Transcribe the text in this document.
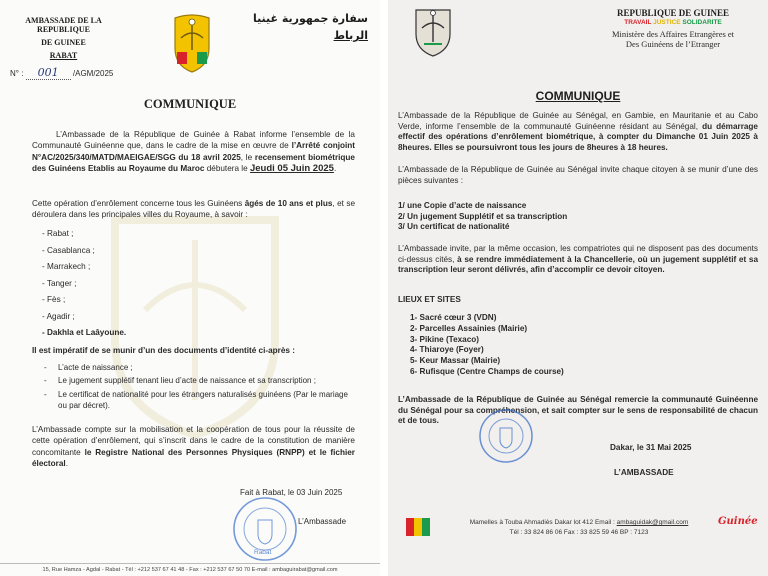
AMBASSADE DE LA REPUBLIQUE
DE GUINEE
RABAT
سفارة جمهورية غينيا
الرباط
N° : 001 /AGM/2025
COMMUNIQUE
L’Ambassade de la République de Guinée à Rabat informe l’ensemble de la Communauté Guinéenne que, dans le cadre de la mise en œuvre de l’Arrêté conjoint N°AC/2025/340/MATD/MAEIGAE/SGG du 18 avril 2025, le recensement biométrique des Guinéens Etablis au Royaume du Maroc débutera le Jeudi 05 Juin 2025.
Cette opération d’enrôlement concerne tous les Guinéens âgés de 10 ans et plus, et se déroulera dans les principales villes du Royaume, à savoir :
- Rabat ;
- Casablanca ;
- Marrakech ;
- Tanger ;
- Fès ;
- Agadir ;
- Dakhla et Laâyoune.
Il est impératif de se munir d’un des documents d’identité ci-après :
- L’acte de naissance ;
- Le jugement supplétif tenant lieu d’acte de naissance et sa transcription ;
- Le certificat de nationalité pour les étrangers naturalisés guinéens (Par le mariage ou par décret).
L’Ambassade compte sur la mobilisation et la coopération de tous pour la réussite de cette opération d’enrôlement, qui s’inscrit dans le cadre de la constitution de manière concomitante le Registre National des Personnes Physiques (RNPP) et le fichier électoral.
Fait à Rabat, le 03 Juin 2025
Rabat
L’Ambassade
15, Rue Hamza - Agdal - Rabat - Tél : +212 537 67 41 48 - Fax : +212 537 67 50 70 E-mail : ambaguirabat@gmail.com
REPUBLIQUE DE GUINEE
TRAVAIL JUSTICE SOLIDARITE
Ministère des Affaires Etrangères et
Des Guinéens de l’Etranger
COMMUNIQUE
L’Ambassade de la République de Guinée au Sénégal, en Gambie, en Mauritanie et au Cabo Verde, informe l’ensemble de la communauté Guinéenne résidant au Sénégal, du démarrage effectif des opérations d’enrôlement biométrique, à compter du Dimanche 01 Juin 2025 à 8heures. Elles se poursuivront tous les jours de 8heures à 18 heures.
L’Ambassade de la République de Guinée au Sénégal invite chaque citoyen à se munir d’une des pièces suivantes :
1/ une Copie d’acte de naissance
2/ Un jugement Supplétif et sa transcription
3/ Un certificat de nationalité
L’Ambassade invite, par la même occasion, les compatriotes qui ne disposent pas des documents ci-dessus cités, à se rendre immédiatement à la Chancellerie, où un jugement supplétif et sa transcription leur seront délivrés, afin d’accomplir ce devoir citoyen.
LIEUX ET SITES
1- Sacré cœur 3 (VDN)
2- Parcelles Assainies (Mairie)
3- Pikine (Texaco)
4- Thiaroye (Foyer)
5- Keur Massar (Mairie)
6- Rufisque (Centre Champs de course)
L’Ambassade de la République de Guinée au Sénégal remercie la communauté Guinéenne du Sénégal pour sa compréhension, et sait compter sur le sens de responsabilité de chacun et de tous.
Dakar, le 31 Mai 2025
L’AMBASSADE
Mamelles à Touba Ahmadiès Dakar lot 412 Email : ambaguidak@gmail.com
Tél : 33 824 86 06 Fax : 33 825 59 46 BP : 7123
Guinée
